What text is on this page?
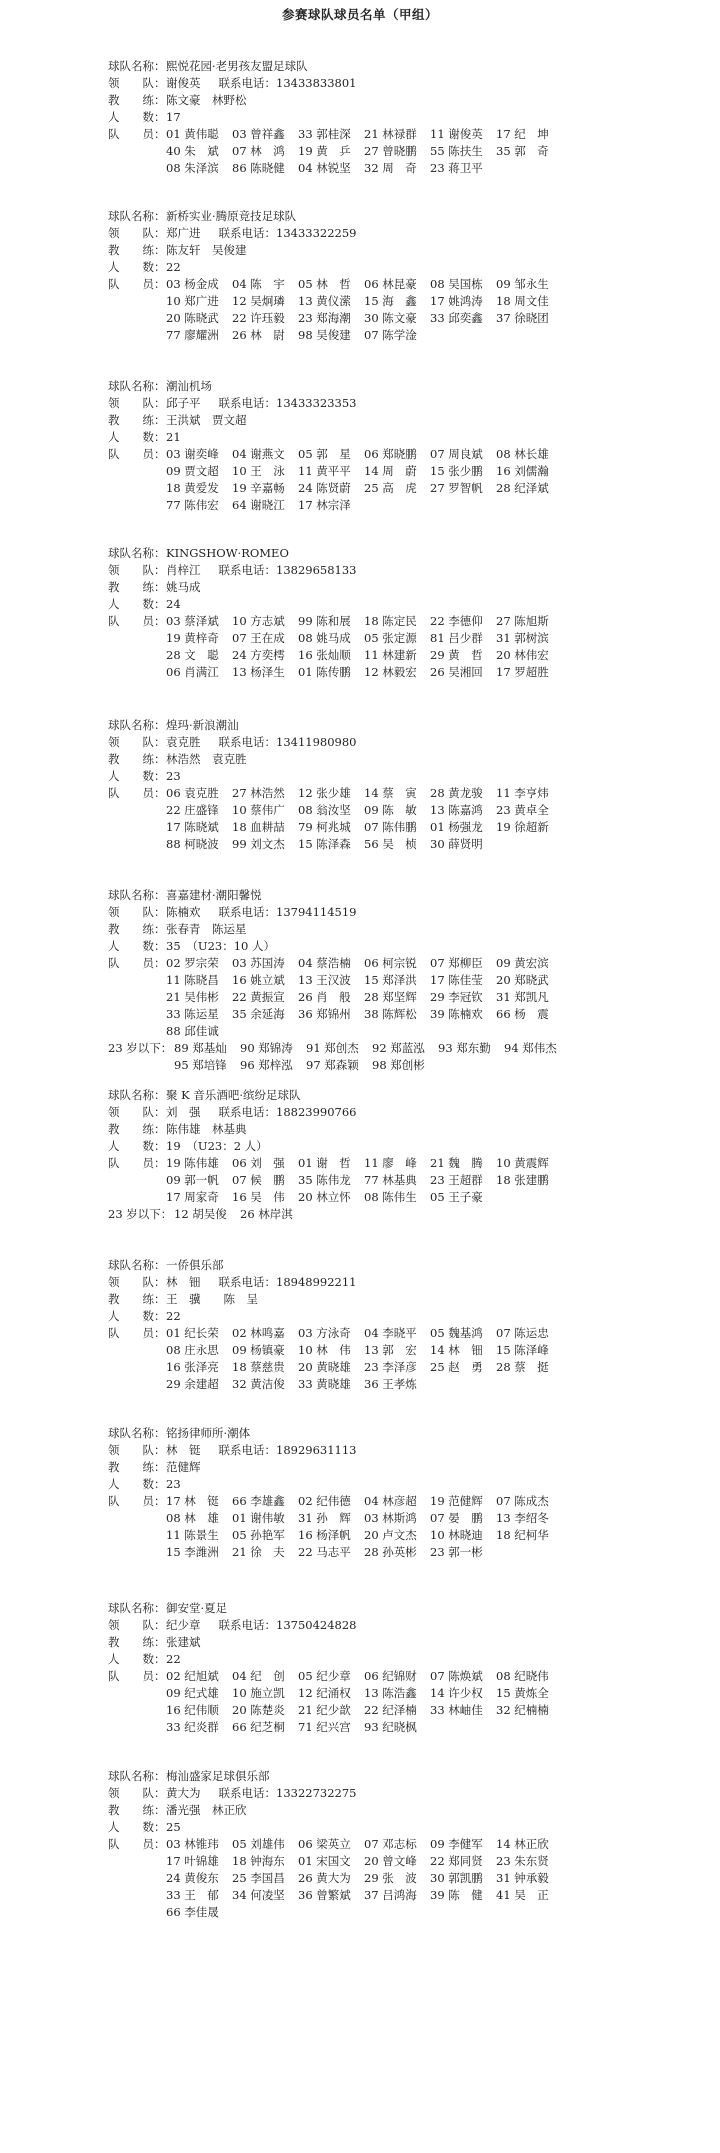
参赛球队球员名单（甲组）
球队名称： 熙悦花园·老男孩友盟足球队
领　　队： 谢俊英 联系电话： 13433833801
教　　练： 陈文豪　林野松
人　　数： 17
队　　员： 01 黄伟聪	03 曾祥鑫	33 郭桂深	21 林禄群	11 谢俊英	17 纪　坤
40 朱　斌	07 林　鸿	19 黄　乒	27 曾晓鹏	55 陈扶生	35 郭　奇
08 朱泽滨	86 陈晓健	04 林锐坚	32 周　奇	23 蒋卫平
球队名称： 新桥实业·腾原竞技足球队
领　　队： 郑广进 联系电话： 13433322259
教　　练： 陈友轩　吴俊建
人　　数： 22
队　　员： 03 杨金成	04 陈　宇	05 林　哲	06 林昆豪	08 吴国栋	09 邹永生
10 郑广进	12 吴炯璘	13 黄仪潆	15 海　鑫	17 姚鸿涛	18 周文佳
20 陈晓武	22 许珏毅	23 郑海潮	30 陈文豪	33 邱奕鑫	37 徐晓团
77 廖耀洲	26 林　尉	98 吴俊建	07 陈学淦
球队名称： 潮汕机场
领　　队： 邱子平 联系电话： 13433323353
教　　练： 王洪斌　贾文超
人　　数： 21
队　　员： 03 谢奕峰	04 谢燕文	05 郭　星	06 郑晓鹏	07 周良斌	08 林长雄
09 贾文超	10 王　泳	11 黄平平	14 周　蔚	15 张少鹏	16 刘儒瀚
18 黄爱发	19 辛嘉畅	24 陈贤蔚	25 高　虎	27 罗智帆	28 纪泽斌
77 陈伟宏	64 谢晓江	17 林宗泽
球队名称： KINGSHOW·ROMEO
领　　队： 肖梓江 联系电话： 13829658133
教　　练： 姚马成
人　　数： 24
队　　员： 03 蔡泽斌	10 方志斌	99 陈和展	18 陈定民	22 李德仰	27 陈旭斯
19 黄梓奇	07 王在成	08 姚马成	05 张定源	81 吕少群	31 郭树滨
28 文　聪	24 方奕樗	16 张灿顺	11 林建新	29 黄　哲	20 林伟宏
06 肖满江	13 杨泽生	01 陈传鹏	12 林毅宏	26 吴湘回	17 罗超胜
球队名称： 煌玛·新浪潮汕
领　　队： 袁克胜 联系电话： 13411980980
教　　练： 林浩然　袁克胜
人　　数： 23
队　　员： 06 袁克胜	27 林浩然	12 张少雄	14 蔡　寅	28 黄龙骏	11 李亨炜
22 庄盛锋	10 蔡伟广	08 翁汝坚	09 陈　敏	13 陈嘉鸿	23 黄卓全
17 陈晓斌	18 血耕喆	79 柯兆城	07 陈伟鹏	01 杨强龙	19 徐超新
88 柯晓波	99 刘文杰	15 陈泽森	56 吴　桢	30 薛贤明
球队名称： 喜嘉建材·潮阳馨悦
领　　队： 陈楠欢 联系电话： 13794114519
教　　练： 张春青　陈运星
人　　数： 35　（U23：10 人）
队　　员： 02 罗宗荣	03 苏国涛	04 蔡浩楠	06 柯宗锐	07 郑柳臣	09 黄宏滨
11 陈晓昌	16 姚立斌	13 王汉波	15 郑泽洪	17 陈佳莹	20 郑晓武
21 吴伟彬	22 黄振宣	26 肖　般	28 郑坚辉	29 李冠钦	31 郑凯凡
33 陈运星	35 余延海	36 郑锦州	38 陈辉松	39 陈楠欢	66 杨　震
88 邱佳诚
23 岁以下： 89 郑基灿	90 郑锦涛	91 郑创杰	92 郑蓝泓	93 郑东勤	94 郑伟杰
95 郑培锋	96 郑梓泓	97 郑森颖	98 郑创彬
球队名称： 聚 K 音乐酒吧·缤纷足球队
领　　队： 刘　强 联系电话： 18823990766
教　　练： 陈伟雄　林基典
人　　数： 19　（U23：2 人）
队　　员： 19 陈伟雄	06 刘　强	01 谢　哲	11 廖　峰	21 魏　腾	10 黄震辉
09 郭一帆	07 候　鹏	35 陈伟龙	77 林基典	23 王超群	18 张建鹏
17 周家奇	16 吴　伟	20 林立怀	08 陈伟生	05 王子豪
23 岁以下： 12 胡吴俊	26 林岸淇
球队名称： 一侨俱乐部
领　　队： 林　钿 联系电话： 18948992211
教　　练： 王　骥　　陈　呈
人　　数： 22
队　　员： 01 纪长荣	02 林鸣嘉	03 方泳奇	04 李晓平	05 魏基鸿	07 陈运忠
08 庄永思	09 杨镇豪	10 林　伟	13 郭　宏	14 林　钿	15 陈泽峰
16 张泽亮	18 蔡慈贵	20 黄晓雄	23 李泽彦	25 赵　勇	28 蔡　挺
29 余建超	32 黄洁俊	33 黄晓雄	36 王孝炼
球队名称： 铭扬律师所·潮体
领　　队： 林　铤 联系电话： 18929631113
教　　练： 范健辉
人　　数： 23
队　　员： 17 林　铤	66 李雄鑫	02 纪伟德	04 林彦超	19 范健辉	07 陈成杰
08 林　雄	01 谢伟敏	31 孙　辉	03 林斯鸿	07 晏　鹏	13 李绍冬
11 陈景生	05 孙艳军	16 杨泽帆	20 卢文杰	10 林晓迪	18 纪柯华
15 李潍洲	21 徐　夫	22 马志平	28 孙英彬	23 郭一彬
球队名称： 御安堂·夏足
领　　队： 纪少章 联系电话： 13750424828
教　　练： 张建斌
人　　数： 22
队　　员： 02 纪旭斌	04 纪　创	05 纪少章	06 纪锦财	07 陈焕斌	08 纪晓伟
09 纪式雄	10 施立凯	12 纪涌权	13 陈浩鑫	14 许少权	15 黄炼全
16 纪伟顺	20 陈楚炎	21 纪少歆	22 纪泽楠	33 林岫佳	32 纪楠楠
33 纪炎群	66 纪芝桐	71 纪兴宫	93 纪晓枫
球队名称： 梅汕盛家足球俱乐部
领　　队： 黄大为 联系电话： 13322732275
教　　练： 潘光强　林正欣
人　　数： 25
队　　员： 03 林锥玮	05 刘雄伟	06 梁英立	07 邓志标	09 李健军	14 林正欣
17 叶锦雄	18 钟海东	01 宋国文	20 曾文峰	22 郑同贤	23 朱东贤
24 黄俊东	25 李国昌	26 黄大为	29 张　波	30 郭凯鹏	31 钟承毅
33 王　郁	34 何凌坚	36 曾繁斌	37 吕鸿海	39 陈　健	41 吴　正
66 李佳晟
